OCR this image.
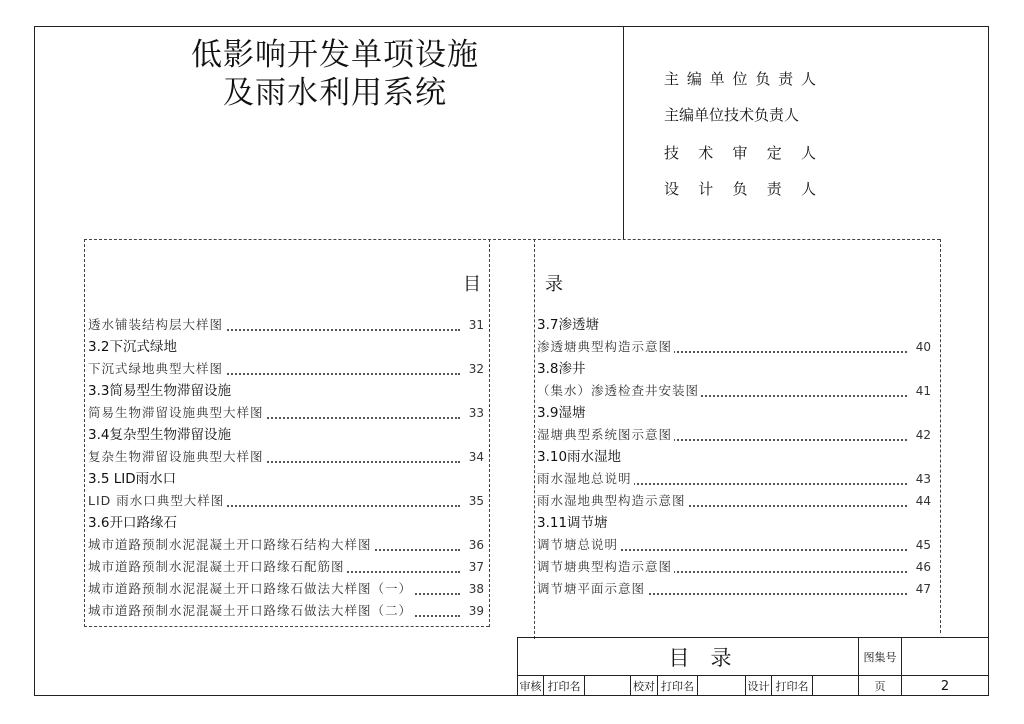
低影响开发单项设施
及雨水利用系统	主 编 单 位 负 责 人
主编单位技术负责人
技 术 审 定 人
设 计 负 责 人
目	录
透水铺装结构层大样图	31
3.2下沉式绿地
下沉式绿地典型大样图	32
3.3简易型生物滞留设施
简易生物滞留设施典型大样图	33
3.4复杂型生物滞留设施
复杂生物滞留设施典型大样图	34
3.5 LID雨水口
LID 雨水口典型大样图	35
3.6开口路缘石
城市道路预制水泥混凝土开口路缘石结构大样图	36
城市道路预制水泥混凝土开口路缘石配筋图	37
城市道路预制水泥混凝土开口路缘石做法大样图（一）	38
城市道路预制水泥混凝土开口路缘石做法大样图（二）	39
3.7渗透塘
渗透塘典型构造示意图	40
3.8渗井
（集水）渗透检查井安装图	41
3.9湿塘
湿塘典型系统图示意图	42
3.10雨水湿地
雨水湿地总说明	43
雨水湿地典型构造示意图	44
3.11调节塘
调节塘总说明	45
调节塘典型构造示意图	46
调节塘平面示意图	47
目　录	图集号
审核 打印名	校对 打印名	设计 打印名	页	2
